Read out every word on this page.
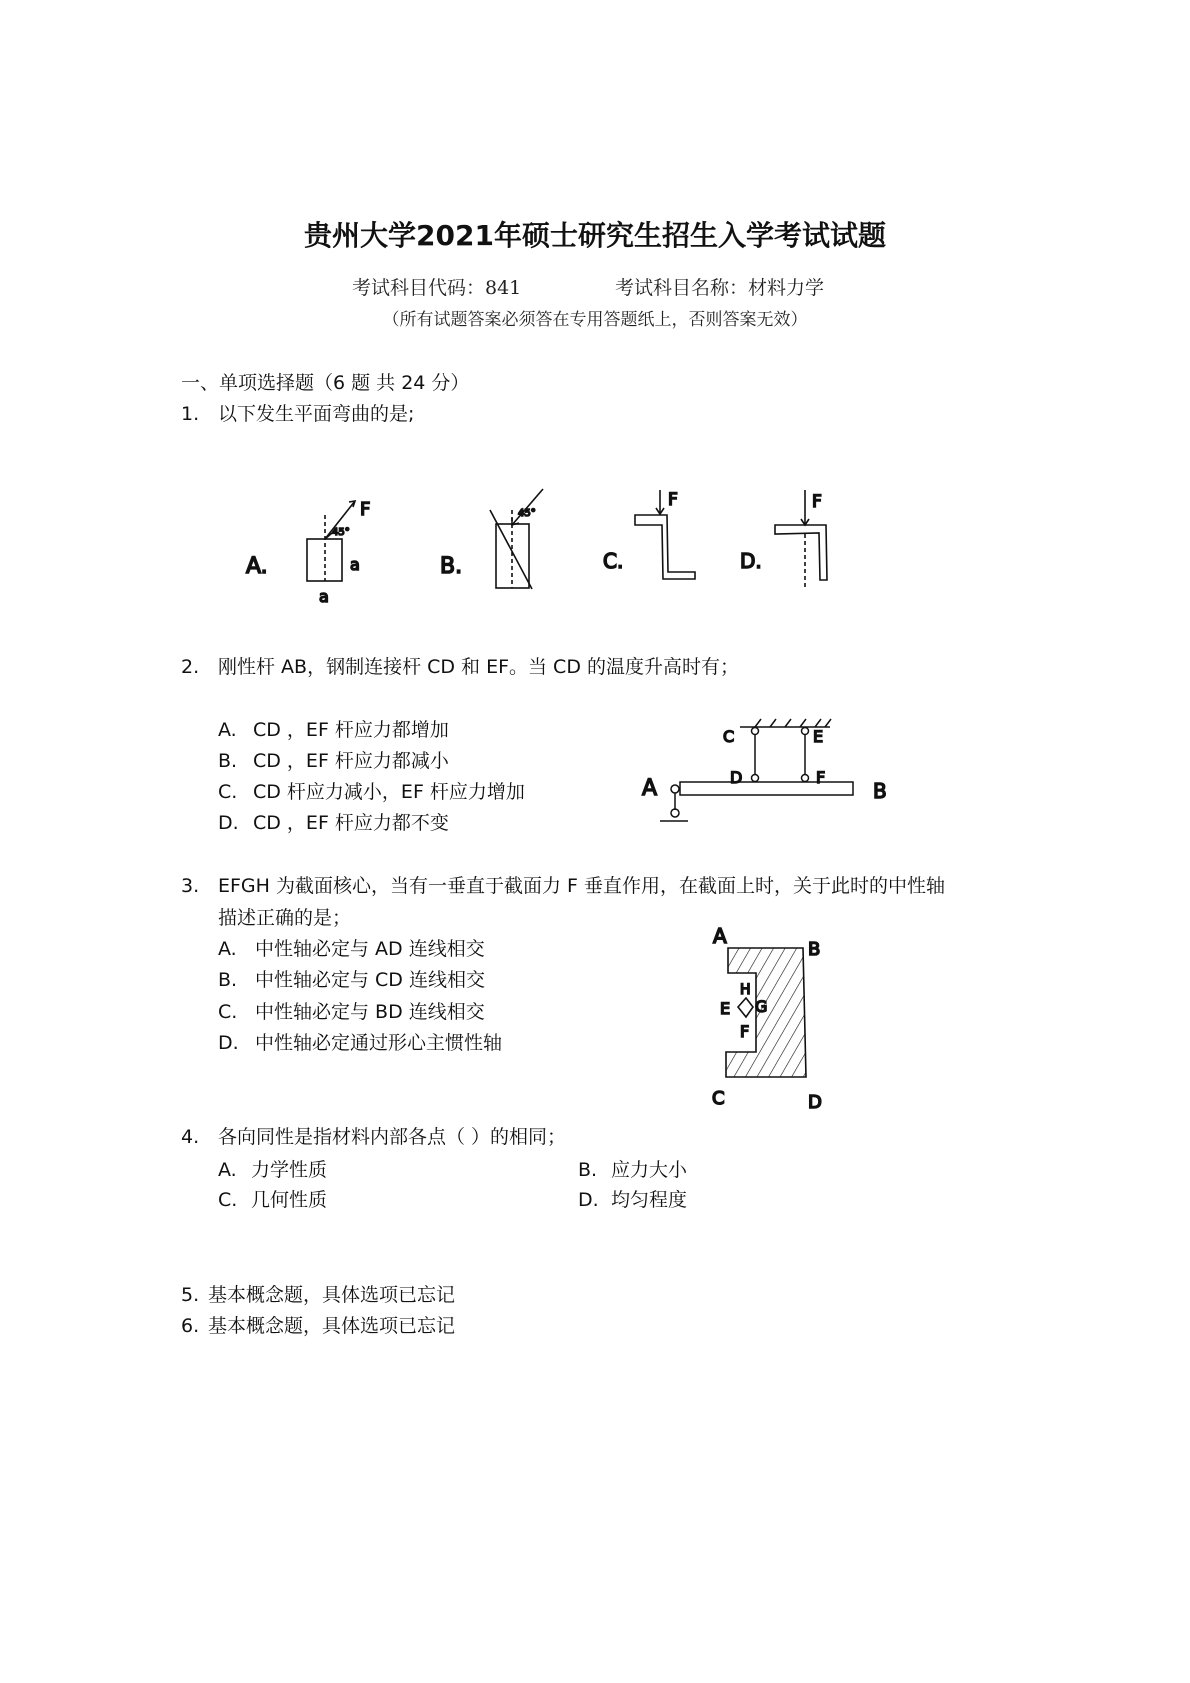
贵州大学2021年硕士研究生招生入学考试试题
考试科目代码：841	考试科目名称：材料力学
（所有试题答案必须答在专用答题纸上，否则答案无效）
一、单项选择题（6 题 共 24 分）
1. 以下发生平面弯曲的是;
A.
F
45°
a
a
B.
45°
C.
F
D.
F
2. 刚性杆 AB，钢制连接杆 CD 和 EF。当 CD 的温度升高时有；
A. CD ，EF 杆应力都增加
B. CD ，EF 杆应力都减小
C. CD 杆应力减小，EF 杆应力增加
D. CD ，EF 杆应力都不变
A	B
C
D
E
F
3. EFGH 为截面核心，当有一垂直于截面力 F 垂直作用，在截面上时，关于此时的中性轴
描述正确的是；
A. 中性轴必定与 AD 连线相交
B. 中性轴必定与 CD 连线相交
C. 中性轴必定与 BD 连线相交
D. 中性轴必定通过形心主惯性轴
A
B
C	D
E
F
G
H
4. 各向同性是指材料内部各点（ ）的相同；
A. 力学性质	B. 应力大小
C. 几何性质	D. 均匀程度
5. 基本概念题，具体选项已忘记
6. 基本概念题，具体选项已忘记
